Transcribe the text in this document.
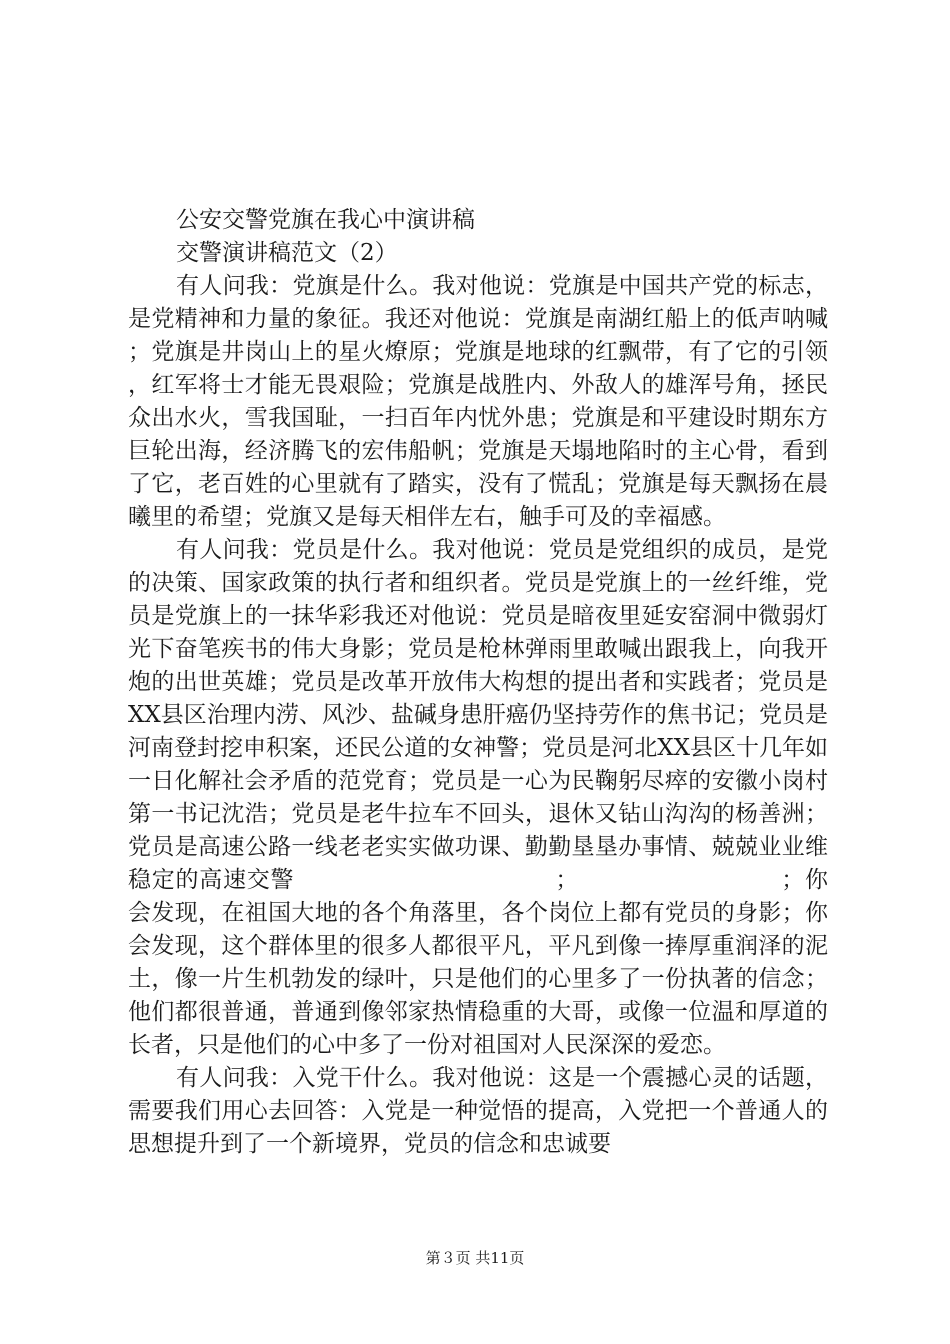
公安交警党旗在我心中演讲稿
交警演讲稿范文（2）

有人问我：党旗是什么。我对他说：党旗是中国共产党的标志，是党精神和力量的象征。我还对他说：党旗是南湖红船上的低声呐喊；党旗是井岗山上的星火燎原；党旗是地球的红飘带，有了它的引领，红军将士才能无畏艰险；党旗是战胜内、外敌人的雄浑号角，拯民众出水火，雪我国耻，一扫百年内忧外患；党旗是和平建设时期东方巨轮出海，经济腾飞的宏伟船帆；党旗是天塌地陷时的主心骨，看到了它，老百姓的心里就有了踏实，没有了慌乱；党旗是每天飘扬在晨曦里的希望；党旗又是每天相伴左右，触手可及的幸福感。

有人问我：党员是什么。我对他说：党员是党组织的成员，是党的决策、国家政策的执行者和组织者。党员是党旗上的一丝纤维，党员是党旗上的一抹华彩我还对他说：党员是暗夜里延安窑洞中微弱灯光下奋笔疾书的伟大身影；党员是枪林弹雨里敢喊出跟我上，向我开炮的出世英雄；党员是改革开放伟大构想的提出者和实践者；党员是XX县区治理内涝、风沙、盐碱身患肝癌仍坚持劳作的焦书记；党员是河南登封挖申积案，还民公道的女神警；党员是河北XX县区十几年如一日化解社会矛盾的范党育；党员是一心为民鞠躬尽瘁的安徽小岗村第一书记沈浩；党员是老牛拉车不回头，退休又钻山沟沟的杨善洲；党员是高速公路一线老老实实做功课、勤勤垦垦办事情、兢兢业业维稳定的高速交警　　　　　　　　　　　；　　　　　　　　　；你会发现，在祖国大地的各个角落里，各个岗位上都有党员的身影；你会发现，这个群体里的很多人都很平凡，平凡到像一捧厚重润泽的泥土，像一片生机勃发的绿叶，只是他们的心里多了一份执著的信念；他们都很普通，普通到像邻家热情稳重的大哥，或像一位温和厚道的长者，只是他们的心中多了一份对祖国对人民深深的爱恋。

有人问我：入党干什么。我对他说：这是一个震撼心灵的话题，需要我们用心去回答：入党是一种觉悟的提高，入党把一个普通人的思想提升到了一个新境界，党员的信念和忠诚要

第３页 共11页
